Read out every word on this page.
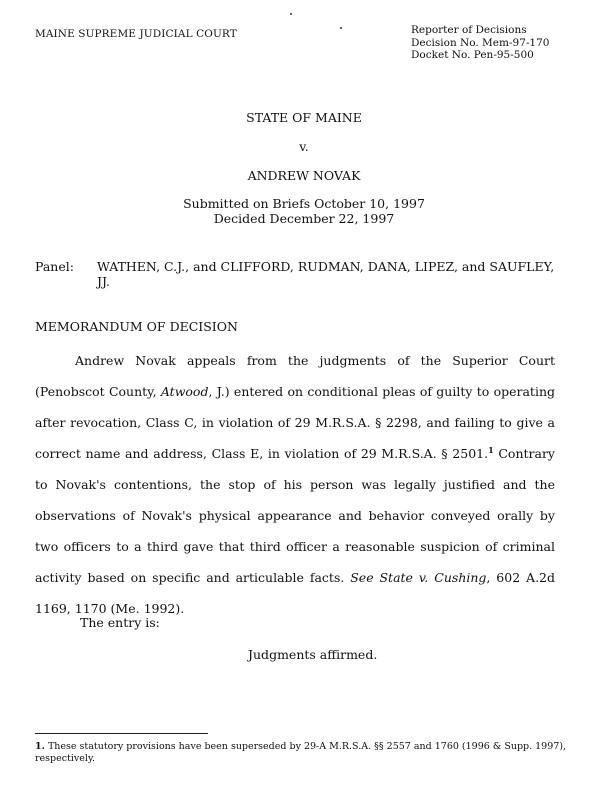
MAINE SUPREME JUDICIAL COURT	Reporter of Decisions
Decision No. Mem-97-170
Docket No. Pen-95-500
STATE OF MAINE
v.
ANDREW NOVAK
Submitted on Briefs October 10, 1997
Decided December 22, 1997
Panel: WATHEN, C.J., and CLIFFORD, RUDMAN, DANA, LIPEZ, and SAUFLEY, JJ.
MEMORANDUM OF DECISION
Andrew Novak appeals from the judgments of the Superior Court (Penobscot County, Atwood, J.) entered on conditional pleas of guilty to operating after revocation, Class C, in violation of 29 M.R.S.A. § 2298, and failing to give a correct name and address, Class E, in violation of 29 M.R.S.A. § 2501.$^1$ Contrary to Novak's contentions, the stop of his person was legally justified and the observations of Novak's physical appearance and behavior conveyed orally by two officers to a third gave that third officer a reasonable suspicion of criminal activity based on specific and articulable facts. See State v. Cushing, 602 A.2d 1169, 1170 (Me. 1992).
The entry is:
Judgments affirmed.
1. These statutory provisions have been superseded by 29-A M.R.S.A. §§ 2557 and 1760 (1996 & Supp. 1997), respectively.
